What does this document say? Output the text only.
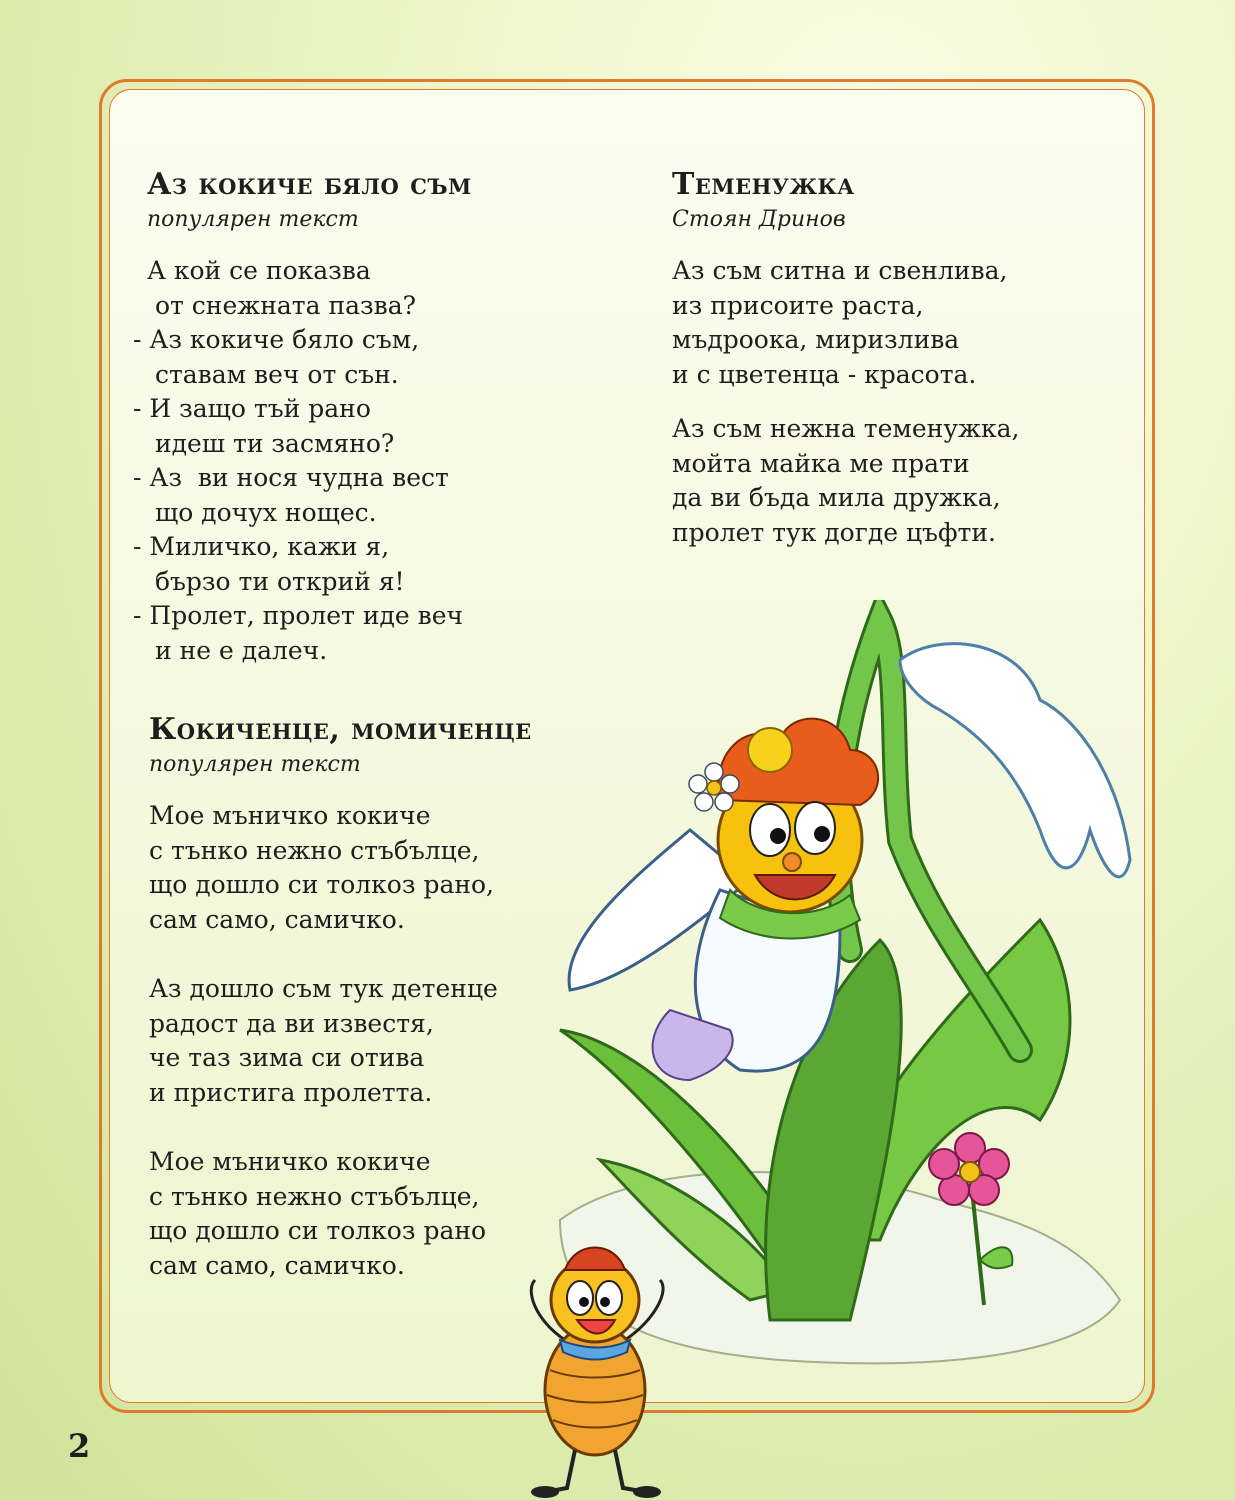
Аз кокиче бяло съм

популярен текст

А кой се показва
от снежната пазва?
- Аз кокиче бяло съм,
ставам веч от сън.
- И защо тъй рано
идеш ти засмяно?
- Аз  ви нося чудна вест
що дочух нощес.
- Миличко, кажи я,
бързо ти открий я!
- Пролет, пролет иде веч
и не е далеч.
Кокиченце, момиченце

популярен текст

Мое мъничко кокиче
с тънко нежно стъбълце,
що дошло си толкоз рано,
сам само, самичко.
Аз дошло съм тук детенце
радост да ви известя,
че таз зима си отива
и пристига пролетта.
Мое мъничко кокиче
с тънко нежно стъбълце,
що дошло си толкоз рано
сам само, самичко.
Теменужка

Стоян Дринов

Аз съм ситна и свенлива,
из присоите раста,
мъдроока, миризлива
и с цветенца - красота.
Аз съм нежна теменужка,
мойта майка ме прати
да ви бъда мила дружка,
пролет тук догде цъфти.
2
